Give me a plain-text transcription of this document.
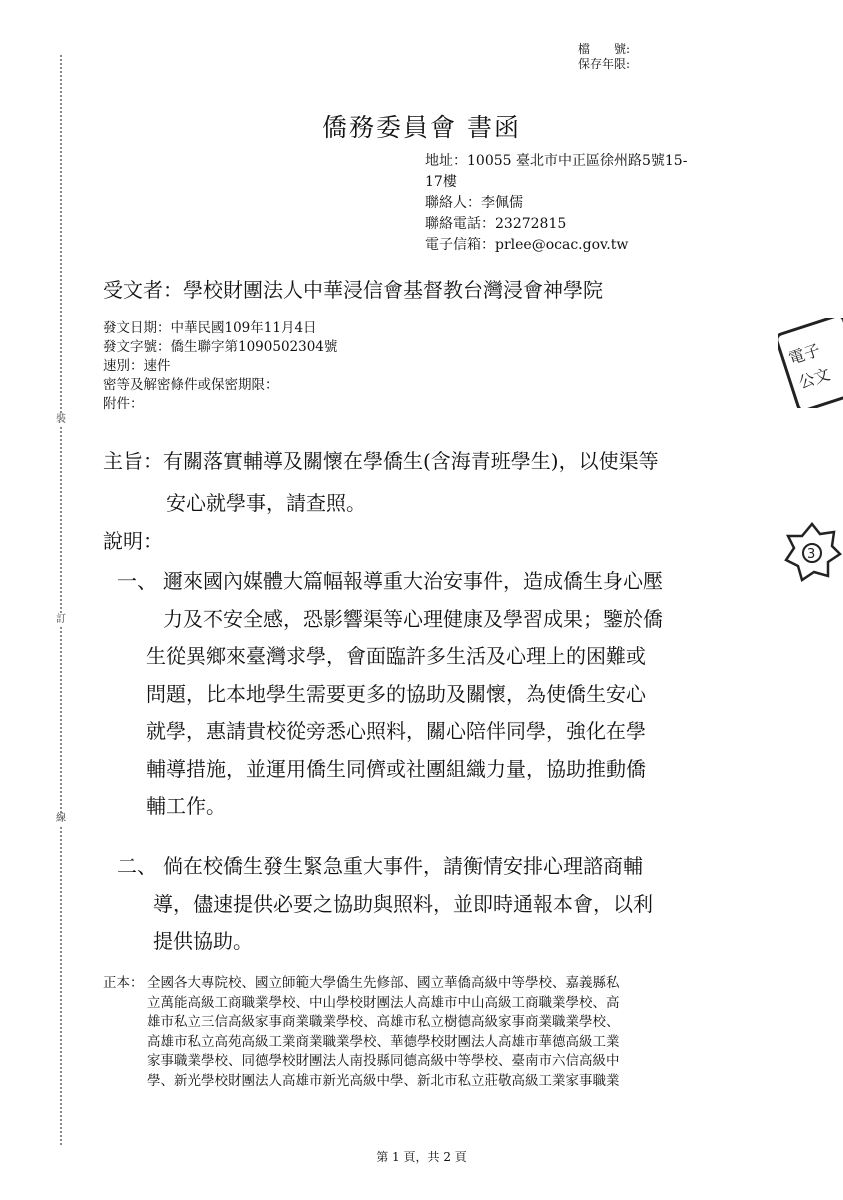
裝
訂
線
檔　　號:
保存年限:
僑務委員會 書函
地址：10055 臺北市中正區徐州路5號15-
17樓
聯絡人：李佩儒
聯絡電話：23272815
電子信箱：prlee@ocac.gov.tw
受文者：學校財團法人中華浸信會基督教台灣浸會神學院
發文日期：中華民國109年11月4日
發文字號：僑生聯字第1090502304號
速別：速件
密等及解密條件或保密期限：
附件：
主旨：有關落實輔導及關懷在學僑生(含海青班學生)，以使渠等
安心就學事，請查照。
說明：
一、 邇來國內媒體大篇幅報導重大治安事件，造成僑生身心壓
力及不安全感，恐影響渠等心理健康及學習成果；鑒於僑
生從異鄉來臺灣求學，會面臨許多生活及心理上的困難或
問題，比本地學生需要更多的協助及關懷，為使僑生安心
就學，惠請貴校從旁悉心照料，關心陪伴同學，強化在學
輔導措施，並運用僑生同儕或社團組織力量，協助推動僑
輔工作。
二、 倘在校僑生發生緊急重大事件，請衡情安排心理諮商輔
導，儘速提供必要之協助與照料，並即時通報本會，以利
提供協助。
正本： 全國各大專院校、國立師範大學僑生先修部、國立華僑高級中等學校、嘉義縣私
立萬能高級工商職業學校、中山學校財團法人高雄市中山高級工商職業學校、高
雄市私立三信高級家事商業職業學校、高雄市私立樹德高級家事商業職業學校、
高雄市私立高苑高級工業商業職業學校、華德學校財團法人高雄市華德高級工業
家事職業學校、同德學校財團法人南投縣同德高級中等學校、臺南市六信高級中
學、新光學校財團法人高雄市新光高級中學、新北市私立莊敬高級工業家事職業
第 1 頁，共 2 頁
電子
公文
3
